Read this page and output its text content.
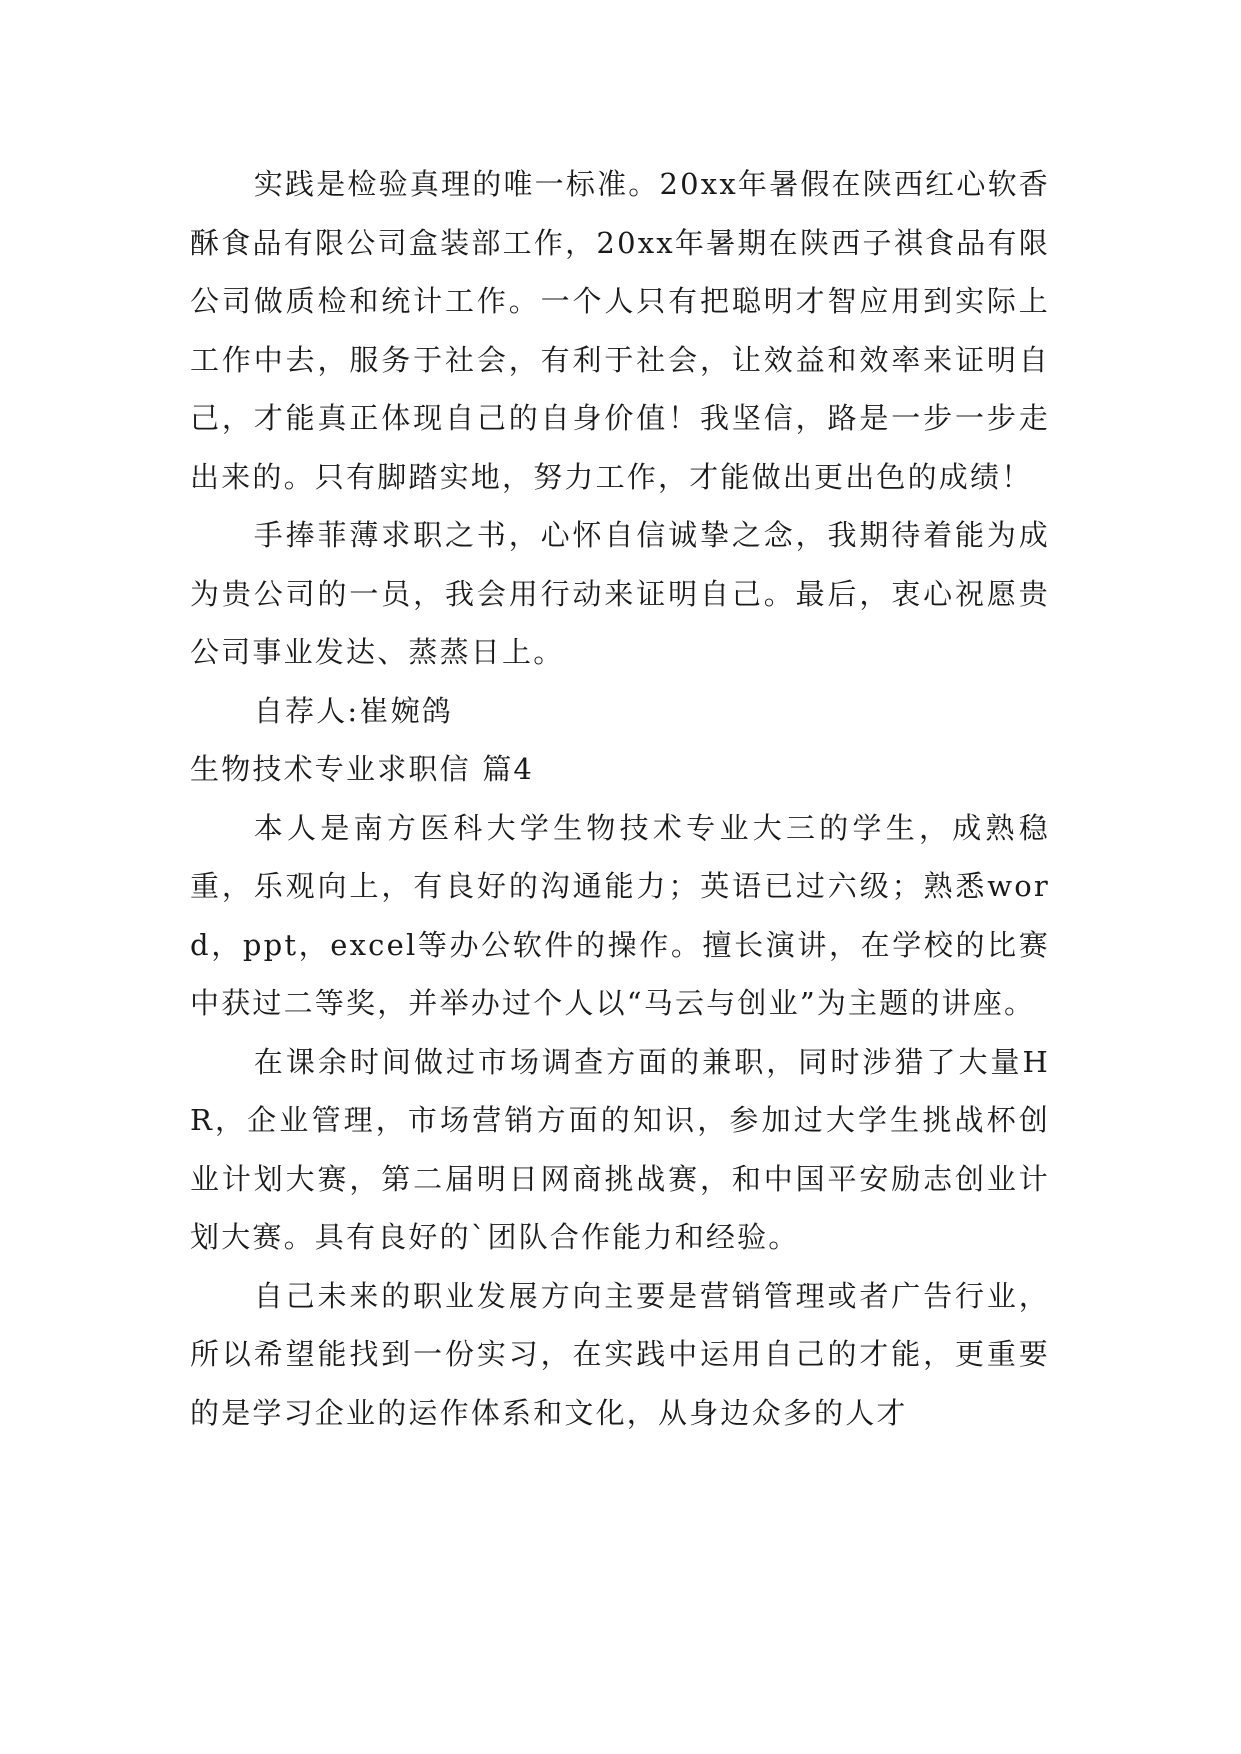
实践是检验真理的唯一标准。20xx年暑假在陕西红心软香酥食品有限公司盒装部工作，20xx年暑期在陕西子祺食品有限公司做质检和统计工作。一个人只有把聪明才智应用到实际上工作中去，服务于社会，有利于社会，让效益和效率来证明自己，才能真正体现自己的自身价值！我坚信，路是一步一步走出来的。只有脚踏实地，努力工作，才能做出更出色的成绩！

手捧菲薄求职之书，心怀自信诚挚之念，我期待着能为成为贵公司的一员，我会用行动来证明自己。最后，衷心祝愿贵公司事业发达、蒸蒸日上。

自荐人:崔婉鸽

生物技术专业求职信 篇4

本人是南方医科大学生物技术专业大三的学生，成熟稳重，乐观向上，有良好的沟通能力；英语已过六级；熟悉word，ppt，excel等办公软件的操作。擅长演讲，在学校的比赛中获过二等奖，并举办过个人以“马云与创业”为主题的讲座。

在课余时间做过市场调查方面的兼职，同时涉猎了大量HR，企业管理，市场营销方面的知识，参加过大学生挑战杯创业计划大赛，第二届明日网商挑战赛，和中国平安励志创业计划大赛。具有良好的`团队合作能力和经验。

自己未来的职业发展方向主要是营销管理或者广告行业，所以希望能找到一份实习，在实践中运用自己的才能，更重要的是学习企业的运作体系和文化，从身边众多的人才
